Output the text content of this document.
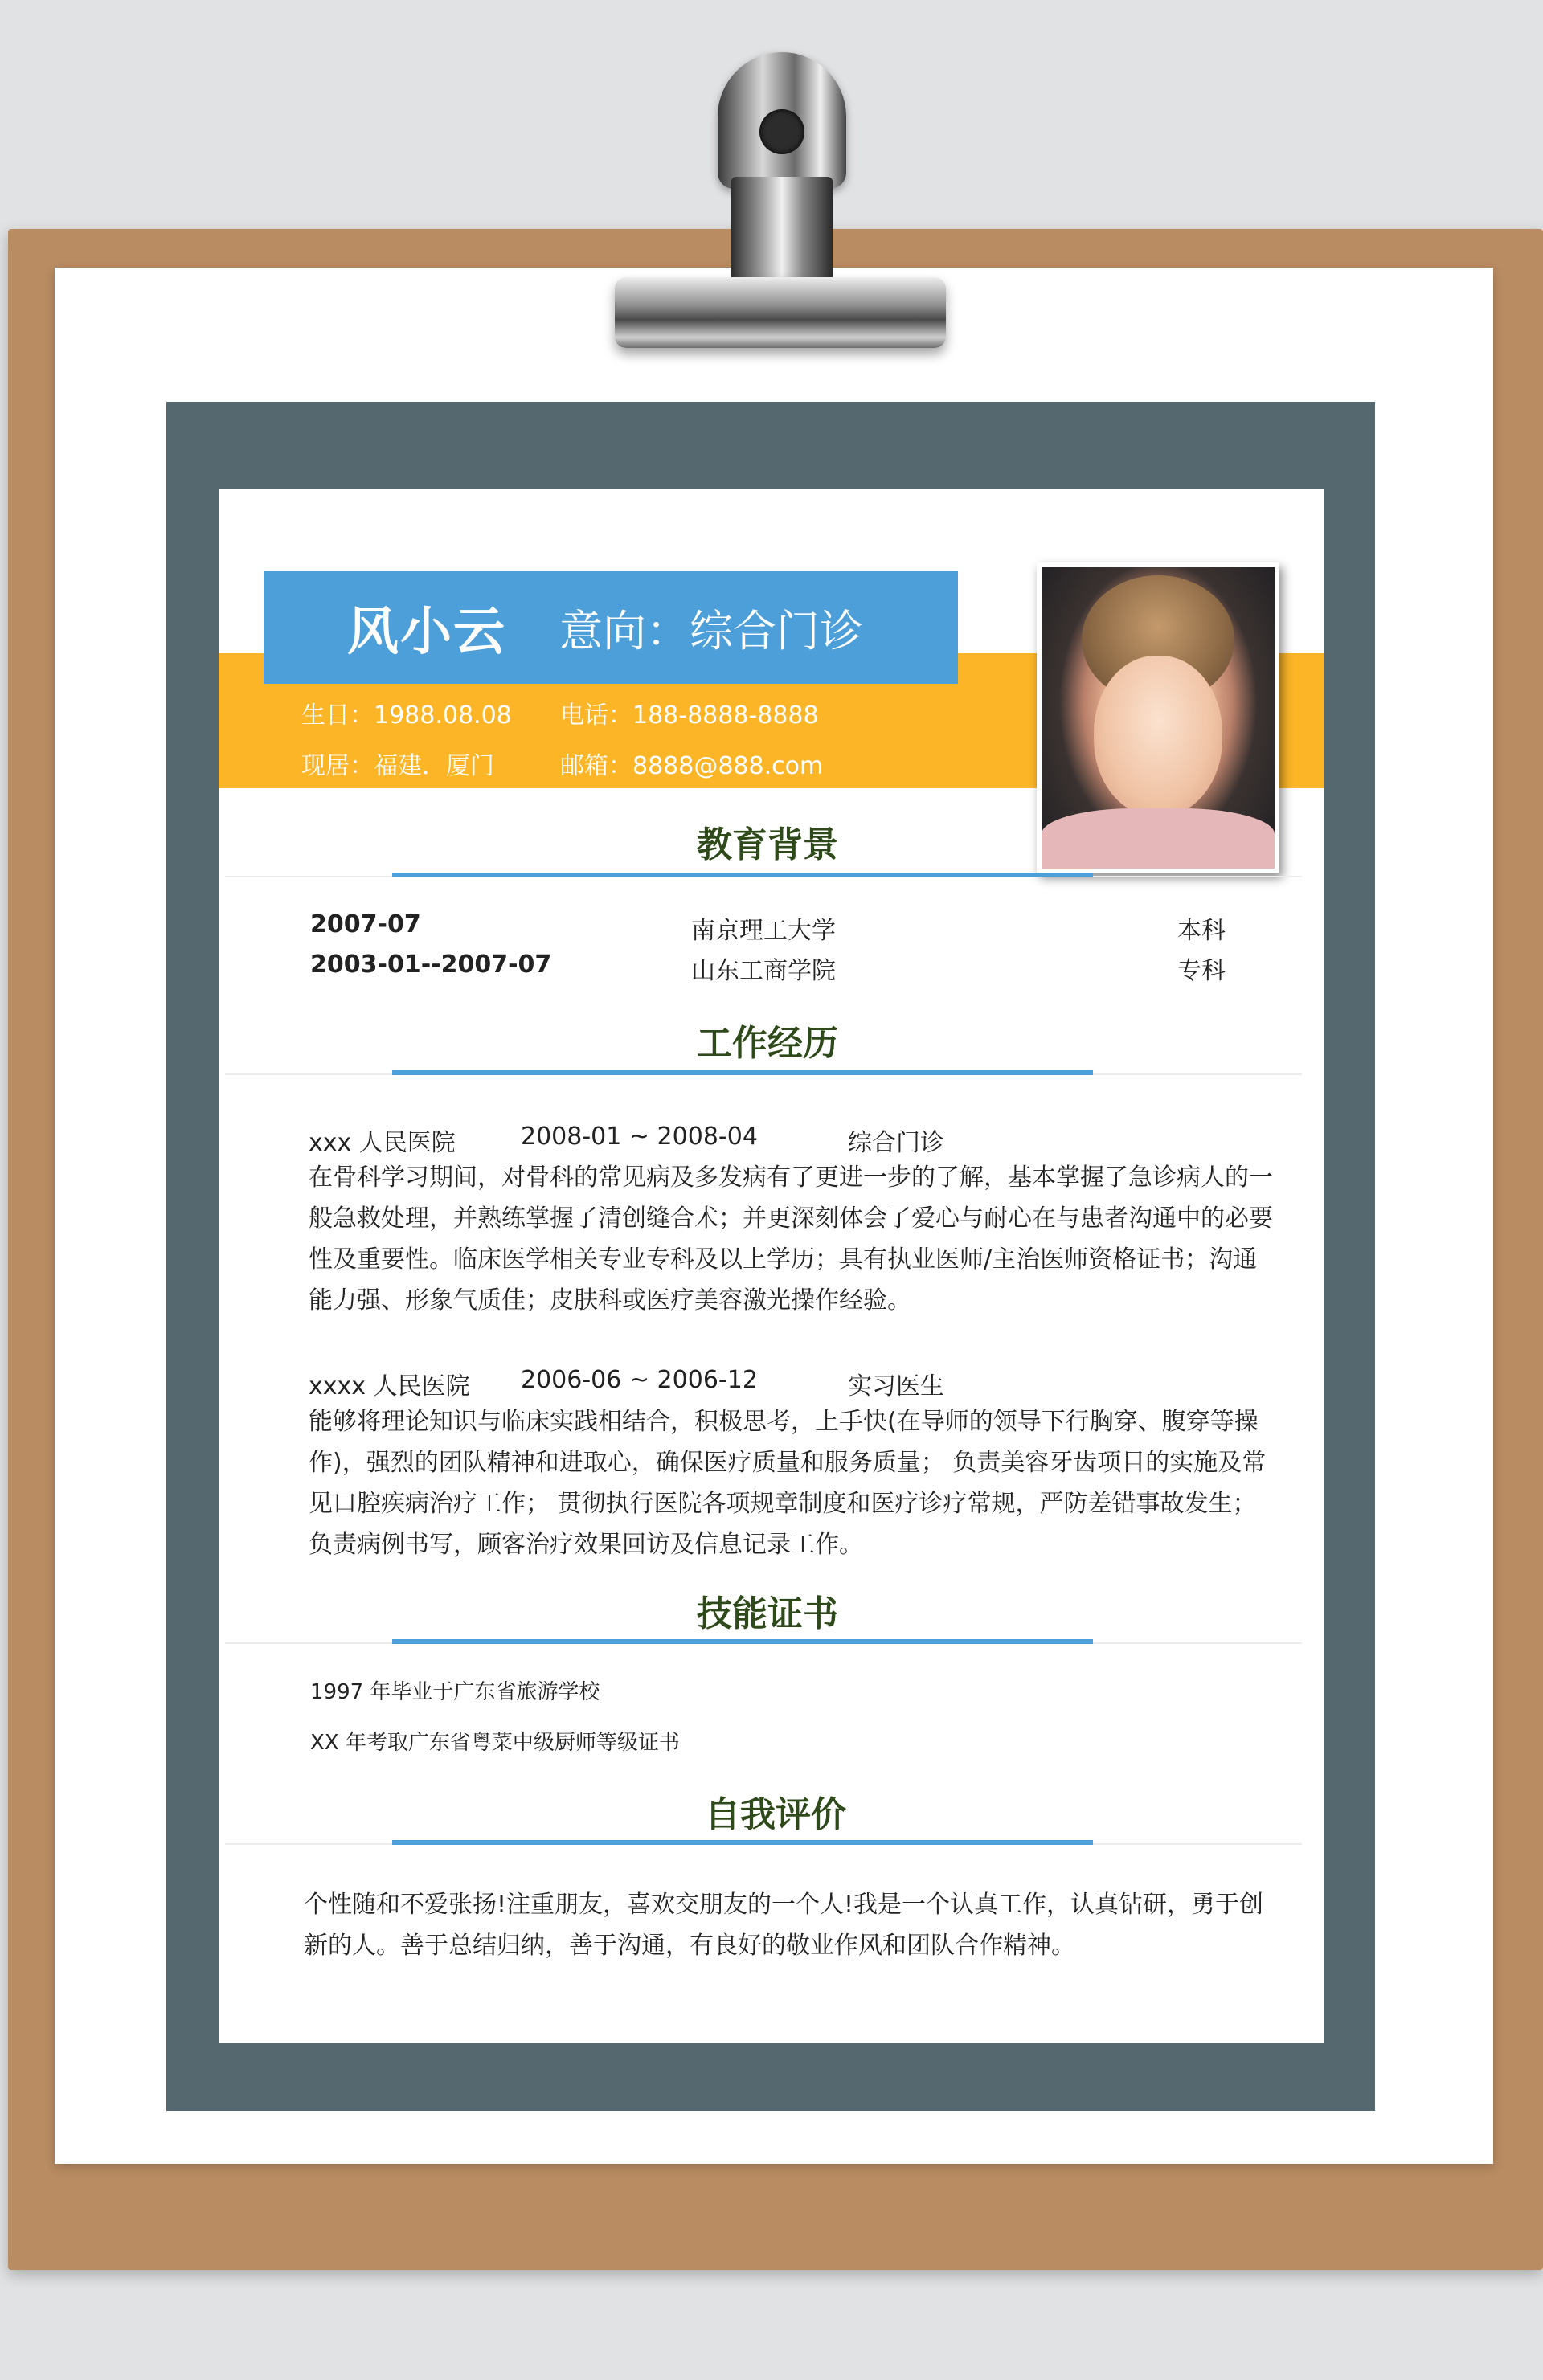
风小云 意向：综合门诊
生日：1988.08.08 电话：188-8888-8888
现居：福建．厦门	邮箱：8888@888.com
教育背景
2007-07	南京理工大学	本科
2003-01--2007-07	山东工商学院	专科
工作经历
xxx 人民医院	2008-01 ~ 2008-04	综合门诊
在骨科学习期间，对骨科的常见病及多发病有了更进一步的了解，基本掌握了急诊病人的一般急救处理，并熟练掌握了清创缝合术；并更深刻体会了爱心与耐心在与患者沟通中的必要性及重要性。临床医学相关专业专科及以上学历；具有执业医师/主治医师资格证书；沟通能力强、形象气质佳；皮肤科或医疗美容激光操作经验。
xxxx 人民医院 2006-06 ~ 2006-12	实习医生
能够将理论知识与临床实践相结合，积极思考，上手快(在导师的领导下行胸穿、腹穿等操作)，强烈的团队精神和进取心，确保医疗质量和服务质量； 负责美容牙齿项目的实施及常见口腔疾病治疗工作； 贯彻执行医院各项规章制度和医疗诊疗常规，严防差错事故发生；负责病例书写，顾客治疗效果回访及信息记录工作。
技能证书
1997 年毕业于广东省旅游学校
XX 年考取广东省粤菜中级厨师等级证书
自我评价
个性随和不爱张扬!注重朋友，喜欢交朋友的一个人!我是一个认真工作，认真钻研，勇于创新的人。善于总结归纳，善于沟通，有良好的敬业作风和团队合作精神。
